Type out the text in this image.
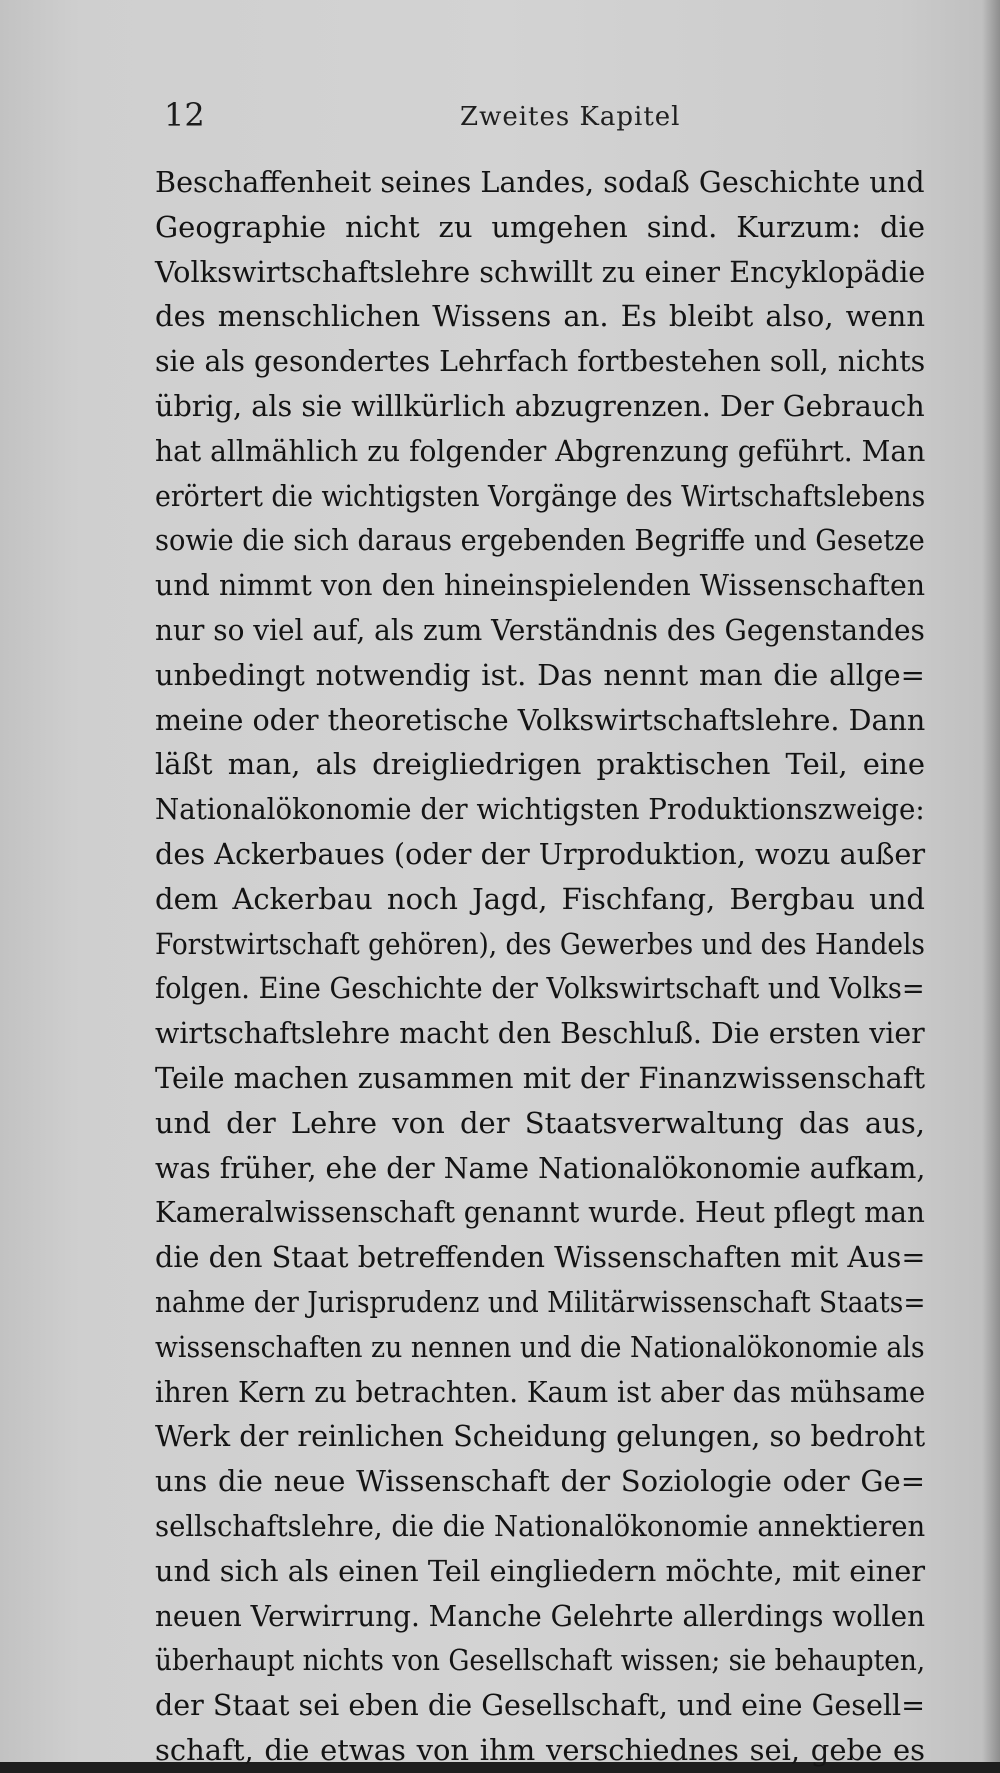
12	Zweites Kapitel
Beschaffenheit seines Landes, sodaß Geschichte und
Geographie nicht zu umgehen sind. Kurzum: die
Volkswirtschaftslehre schwillt zu einer Encyklopädie
des menschlichen Wissens an. Es bleibt also, wenn
sie als gesondertes Lehrfach fortbestehen soll, nichts
übrig, als sie willkürlich abzugrenzen. Der Gebrauch
hat allmählich zu folgender Abgrenzung geführt. Man
erörtert die wichtigsten Vorgänge des Wirtschaftslebens
sowie die sich daraus ergebenden Begriffe und Gesetze
und nimmt von den hineinspielenden Wissenschaften
nur so viel auf, als zum Verständnis des Gegenstandes
unbedingt notwendig ist. Das nennt man die allge=
meine oder theoretische Volkswirtschaftslehre. Dann
läßt man, als dreigliedrigen praktischen Teil, eine
Nationalökonomie der wichtigsten Produktionszweige:
des Ackerbaues (oder der Urproduktion, wozu außer
dem Ackerbau noch Jagd, Fischfang, Bergbau und
Forstwirtschaft gehören), des Gewerbes und des Handels
folgen. Eine Geschichte der Volkswirtschaft und Volks=
wirtschaftslehre macht den Beschluß. Die ersten vier
Teile machen zusammen mit der Finanzwissenschaft
und der Lehre von der Staatsverwaltung das aus,
was früher, ehe der Name Nationalökonomie aufkam,
Kameralwissenschaft genannt wurde. Heut pflegt man
die den Staat betreffenden Wissenschaften mit Aus=
nahme der Jurisprudenz und Militärwissenschaft Staats=
wissenschaften zu nennen und die Nationalökonomie als
ihren Kern zu betrachten. Kaum ist aber das mühsame
Werk der reinlichen Scheidung gelungen, so bedroht
uns die neue Wissenschaft der Soziologie oder Ge=
sellschaftslehre, die die Nationalökonomie annektieren
und sich als einen Teil eingliedern möchte, mit einer
neuen Verwirrung. Manche Gelehrte allerdings wollen
überhaupt nichts von Gesellschaft wissen; sie behaupten,
der Staat sei eben die Gesellschaft, und eine Gesell=
schaft, die etwas von ihm verschiednes sei, gebe es
